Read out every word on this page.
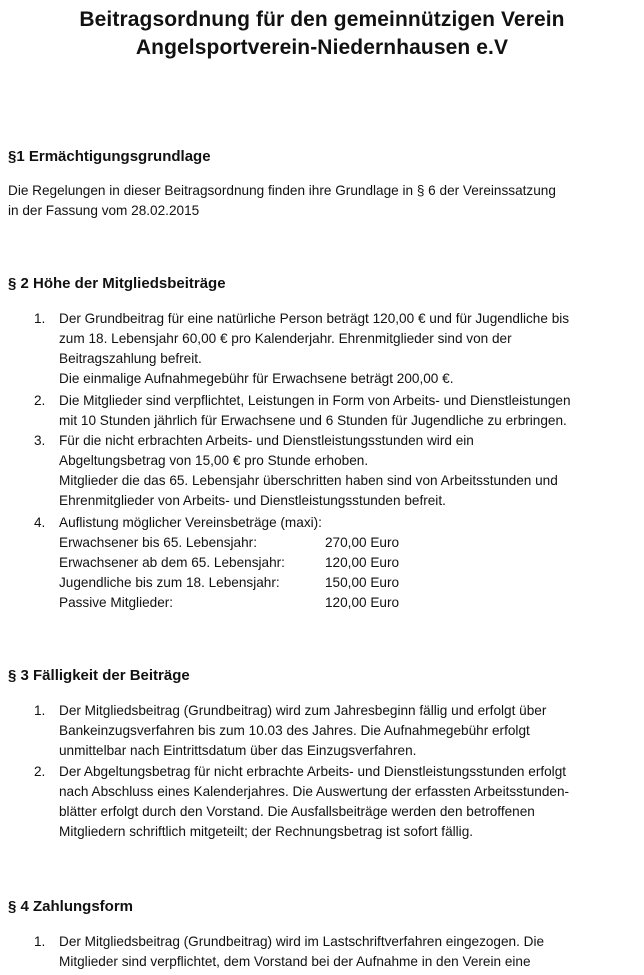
Beitragsordnung für den gemeinnützigen Verein
Angelsportverein-Niedernhausen e.V
§1 Ermächtigungsgrundlage
Die Regelungen in dieser Beitragsordnung finden ihre Grundlage in § 6 der Vereinssatzung
in der Fassung vom 28.02.2015
§ 2 Höhe der Mitgliedsbeiträge
1. Der Grundbeitrag für eine natürliche Person beträgt 120,00 € und für Jugendliche bis
zum 18. Lebensjahr 60,00 € pro Kalenderjahr. Ehrenmitglieder sind von der
Beitragszahlung befreit.
Die einmalige Aufnahmegebühr für Erwachsene beträgt 200,00 €.
2. Die Mitglieder sind verpflichtet, Leistungen in Form von Arbeits- und Dienstleistungen
mit 10 Stunden jährlich für Erwachsene und 6 Stunden für Jugendliche zu erbringen.
3. Für die nicht erbrachten Arbeits- und Dienstleistungsstunden wird ein
Abgeltungsbetrag von 15,00 € pro Stunde erhoben.
Mitglieder die das 65. Lebensjahr überschritten haben sind von Arbeitsstunden und
Ehrenmitglieder von Arbeits- und Dienstleistungsstunden befreit.
4. Auflistung möglicher Vereinsbeträge (maxi):
Erwachsener bis 65. Lebensjahr:	270,00 Euro
Erwachsener ab dem 65. Lebensjahr:	120,00 Euro
Jugendliche bis zum 18. Lebensjahr:	150,00 Euro
Passive Mitglieder:	120,00 Euro
§ 3 Fälligkeit der Beiträge
1. Der Mitgliedsbeitrag (Grundbeitrag) wird zum Jahresbeginn fällig und erfolgt über
Bankeinzugsverfahren bis zum 10.03 des Jahres. Die Aufnahmegebühr erfolgt
unmittelbar nach Eintrittsdatum über das Einzugsverfahren.
2. Der Abgeltungsbetrag für nicht erbrachte Arbeits- und Dienstleistungsstunden erfolgt
nach Abschluss eines Kalenderjahres. Die Auswertung der erfassten Arbeitsstunden-
blätter erfolgt durch den Vorstand. Die Ausfallsbeiträge werden den betroffenen
Mitgliedern schriftlich mitgeteilt; der Rechnungsbetrag ist sofort fällig.
§ 4 Zahlungsform
1. Der Mitgliedsbeitrag (Grundbeitrag) wird im Lastschriftverfahren eingezogen. Die
Mitglieder sind verpflichtet, dem Vorstand bei der Aufnahme in den Verein eine
